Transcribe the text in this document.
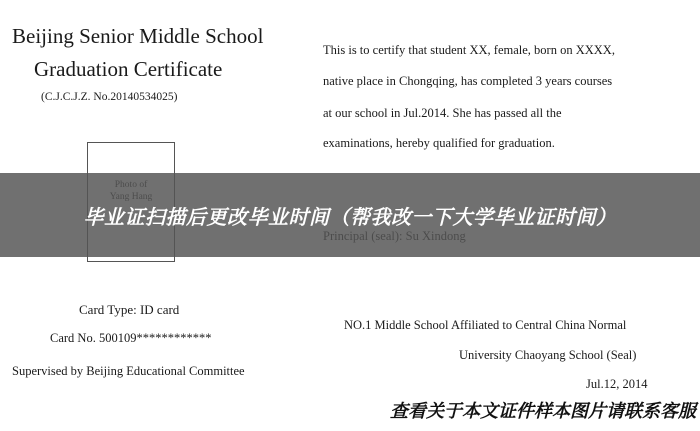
Beijing Senior Middle School
Graduation Certificate
(C.J.C.J.Z. No.20140534025)
This is to certify that student XX, female, born on XXXX,
native place in Chongqing, has completed 3 years courses
at our school in Jul.2014. She has passed all the
examinations, hereby qualified for graduation.
毕业证扫描后更改毕业时间（帮我改一下大学毕业证时间）
Card Type: ID card
Card No. 500109************
Supervised by Beijing Educational Committee
NO.1 Middle School Affiliated to Central China Normal
University Chaoyang School (Seal)
Jul.12, 2014
查看关于本文证件样本图片请联系客服
